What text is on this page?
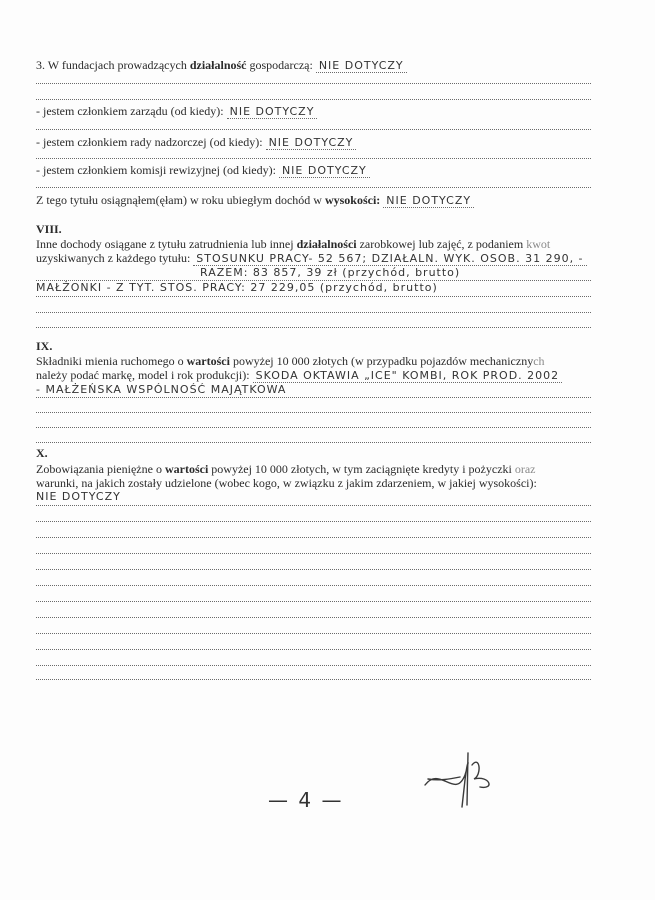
3. W fundacjach prowadzących działalność gospodarczą: NIE DOTYCZY
- jestem członkiem zarządu (od kiedy): NIE DOTYCZY
- jestem członkiem rady nadzorczej (od kiedy): NIE DOTYCZY
- jestem członkiem komisji rewizyjnej (od kiedy): NIE DOTYCZY
Z tego tytułu osiągnąłem(ęłam) w roku ubiegłym dochód w wysokości: NIE DOTYCZY
VIII.
Inne dochody osiągane z tytułu zatrudnienia lub innej działalności zarobkowej lub zajęć, z podaniem kwot
uzyskiwanych z każdego tytułu: STOSUNKU PRACY- 52 567; DZIAŁALN. WYK. OSOB. 31 290, -
RAZEM: 83 857, 39 zł (przychód, brutto)
MAŁŻONKI - Z TYT. STOS. PRACY: 27 229,05 (przychód, brutto)
IX.
Składniki mienia ruchomego o wartości powyżej 10 000 złotych (w przypadku pojazdów mechanicznych
należy podać markę, model i rok produkcji): SKODA OKTAWIA „ICE" KOMBI, ROK PROD. 2002
- MAŁŻEŃSKA WSPÓLNOŚĆ MAJĄTKOWA
X.
Zobowiązania pieniężne o wartości powyżej 10 000 złotych, w tym zaciągnięte kredyty i pożyczki oraz
warunki, na jakich zostały udzielone (wobec kogo, w związku z jakim zdarzeniem, w jakiej wysokości):
NIE DOTYCZY
— 4 —
